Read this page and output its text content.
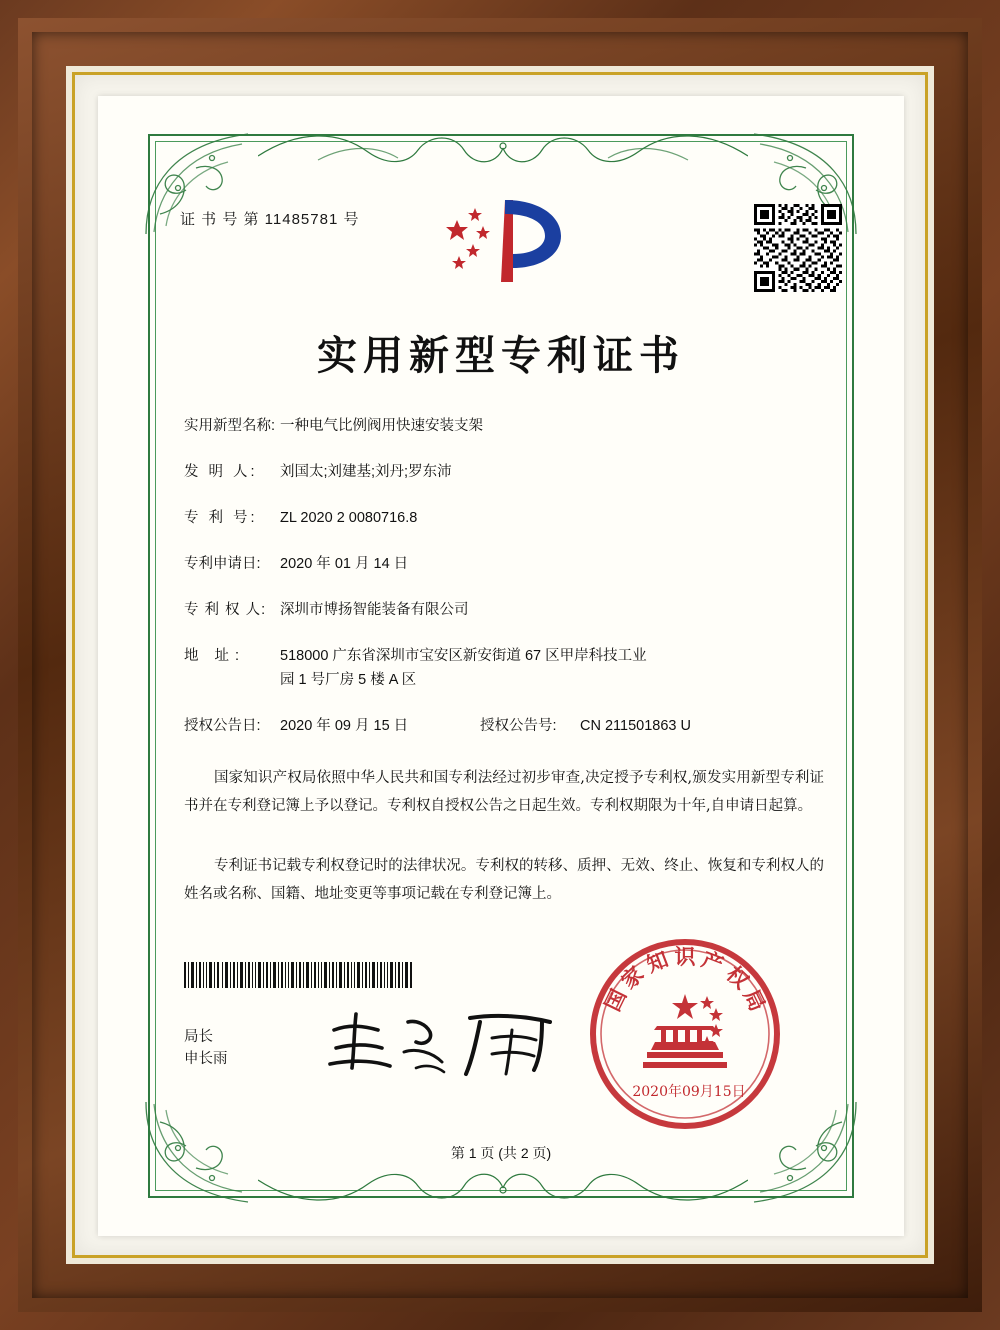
证 书 号 第 11485781 号
实用新型专利证书
实用新型名称: 一种电气比例阀用快速安装支架
发 明 人: 刘国太;刘建基;刘丹;罗东沛
专 利 号: ZL 2020 2 0080716.8
专利申请日: 2020 年 01 月 14 日
专 利 权 人: 深圳市博扬智能装备有限公司
地 址: 518000 广东省深圳市宝安区新安街道 67 区甲岸科技工业
园 1 号厂房 5 楼 A 区
授权公告日: 2020 年 09 月 15 日	授权公告号: CN 211501863 U
国家知识产权局依照中华人民共和国专利法经过初步审查,决定授予专利权,颁发实用新型专利证书并在专利登记簿上予以登记。专利权自授权公告之日起生效。专利权期限为十年,自申请日起算。
专利证书记载专利权登记时的法律状况。专利权的转移、质押、无效、终止、恢复和专利权人的姓名或名称、国籍、地址变更等事项记载在专利登记簿上。
局长
申长雨
国
家
知 识 产
权
局
2020年09月15日
第 1 页 (共 2 页)
